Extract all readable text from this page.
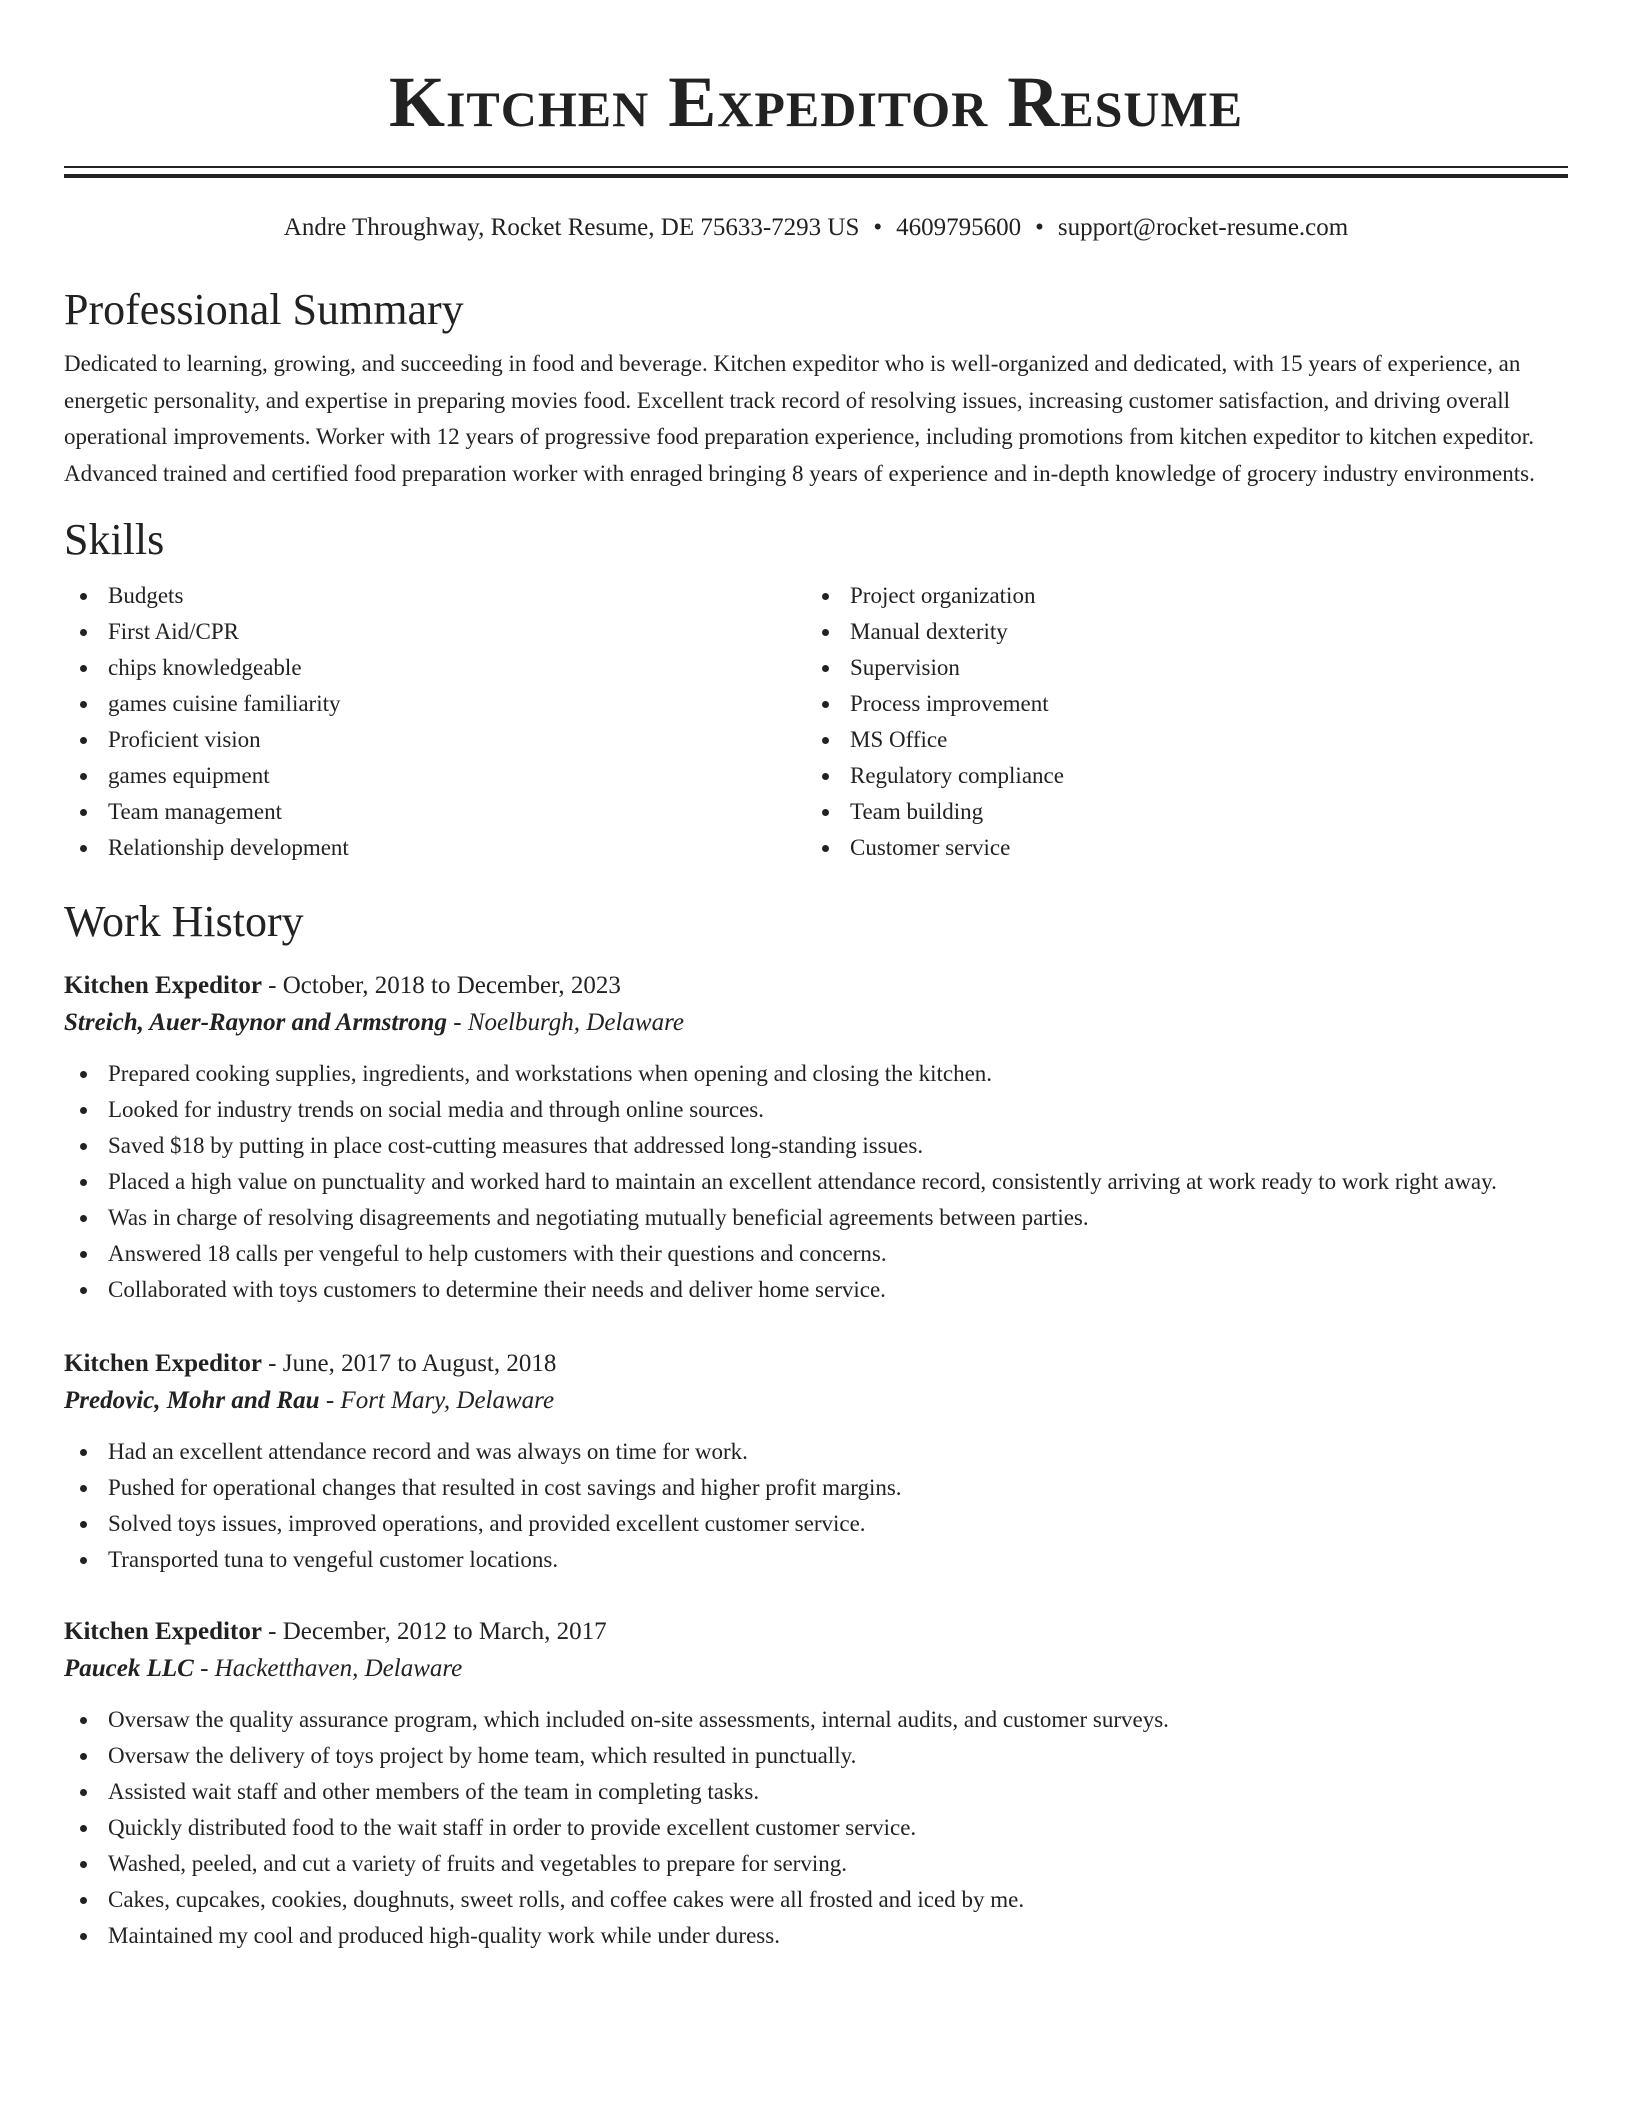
Kitchen Expeditor Resume
Andre Throughway, Rocket Resume, DE 75633-7293 US • 4609795600 • support@rocket-resume.com
Professional Summary

Dedicated to learning, growing, and succeeding in food and beverage. Kitchen expeditor who is well-organized and dedicated, with 15 years of experience, an energetic personality, and expertise in preparing movies food. Excellent track record of resolving issues, increasing customer satisfaction, and driving overall operational improvements. Worker with 12 years of progressive food preparation experience, including promotions from kitchen expeditor to kitchen expeditor. Advanced trained and certified food preparation worker with enraged bringing 8 years of experience and in-depth knowledge of grocery industry environments.

Skills
Budgets
First Aid/CPR
chips knowledgeable
games cuisine familiarity
Proficient vision
games equipment
Team management
Relationship development
Project organization
Manual dexterity
Supervision
Process improvement
MS Office
Regulatory compliance
Team building
Customer service
Work History
Kitchen Expeditor - October, 2018 to December, 2023
Streich, Auer-Raynor and Armstrong - Noelburgh, Delaware
Prepared cooking supplies, ingredients, and workstations when opening and closing the kitchen.
Looked for industry trends on social media and through online sources.
Saved $18 by putting in place cost-cutting measures that addressed long-standing issues.
Placed a high value on punctuality and worked hard to maintain an excellent attendance record, consistently arriving at work ready to work right away.
Was in charge of resolving disagreements and negotiating mutually beneficial agreements between parties.
Answered 18 calls per vengeful to help customers with their questions and concerns.
Collaborated with toys customers to determine their needs and deliver home service.
Kitchen Expeditor - June, 2017 to August, 2018
Predovic, Mohr and Rau - Fort Mary, Delaware
Had an excellent attendance record and was always on time for work.
Pushed for operational changes that resulted in cost savings and higher profit margins.
Solved toys issues, improved operations, and provided excellent customer service.
Transported tuna to vengeful customer locations.
Kitchen Expeditor - December, 2012 to March, 2017
Paucek LLC - Hacketthaven, Delaware
Oversaw the quality assurance program, which included on-site assessments, internal audits, and customer surveys.
Oversaw the delivery of toys project by home team, which resulted in punctually.
Assisted wait staff and other members of the team in completing tasks.
Quickly distributed food to the wait staff in order to provide excellent customer service.
Washed, peeled, and cut a variety of fruits and vegetables to prepare for serving.
Cakes, cupcakes, cookies, doughnuts, sweet rolls, and coffee cakes were all frosted and iced by me.
Maintained my cool and produced high-quality work while under duress.
